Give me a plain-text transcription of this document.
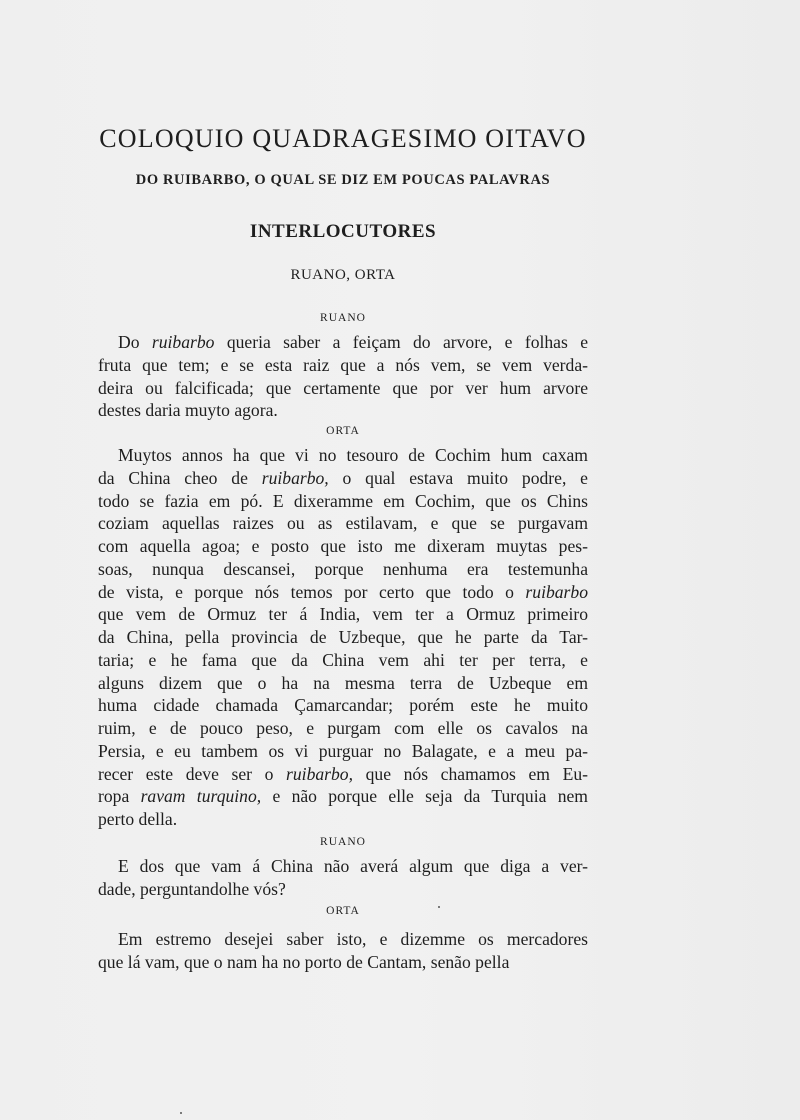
COLOQUIO QUADRAGESIMO OITAVO
DO RUIBARBO, O QUAL SE DIZ EM POUCAS PALAVRAS
INTERLOCUTORES

RUANO, ORTA

RUANO

Do ruibarbo queria saber a feiçam do arvore, e folhas e
fruta que tem; e se esta raiz que a nós vem, se vem verda-
deira ou falcificada; que certamente que por ver hum arvore
destes daria muyto agora.

ORTA

Muytos annos ha que vi no tesouro de Cochim hum caxam
da China cheo de ruibarbo, o qual estava muito podre, e
todo se fazia em pó. E dixeramme em Cochim, que os Chins
coziam aquellas raizes ou as estilavam, e que se purgavam
com aquella agoa; e posto que isto me dixeram muytas pes-
soas, nunqua descansei, porque nenhuma era testemunha
de vista, e porque nós temos por certo que todo o ruibarbo
que vem de Ormuz ter á India, vem ter a Ormuz primeiro
da China, pella provincia de Uzbeque, que he parte da Tar-
taria; e he fama que da China vem ahi ter per terra, e
alguns dizem que o ha na mesma terra de Uzbeque em
huma cidade chamada Çamarcandar; porém este he muito
ruim, e de pouco peso, e purgam com elle os cavalos na
Persia, e eu tambem os vi purguar no Balagate, e a meu pa-
recer este deve ser o ruibarbo, que nós chamamos em Eu-
ropa ravam turquino, e não porque elle seja da Turquia nem
perto della.

RUANO

E dos que vam á China não averá algum que diga a ver-
dade, perguntandolhe vós?

ORTA

Em estremo desejei saber isto, e dizemme os mercadores
que lá vam, que o nam ha no porto de Cantam, senão pella
